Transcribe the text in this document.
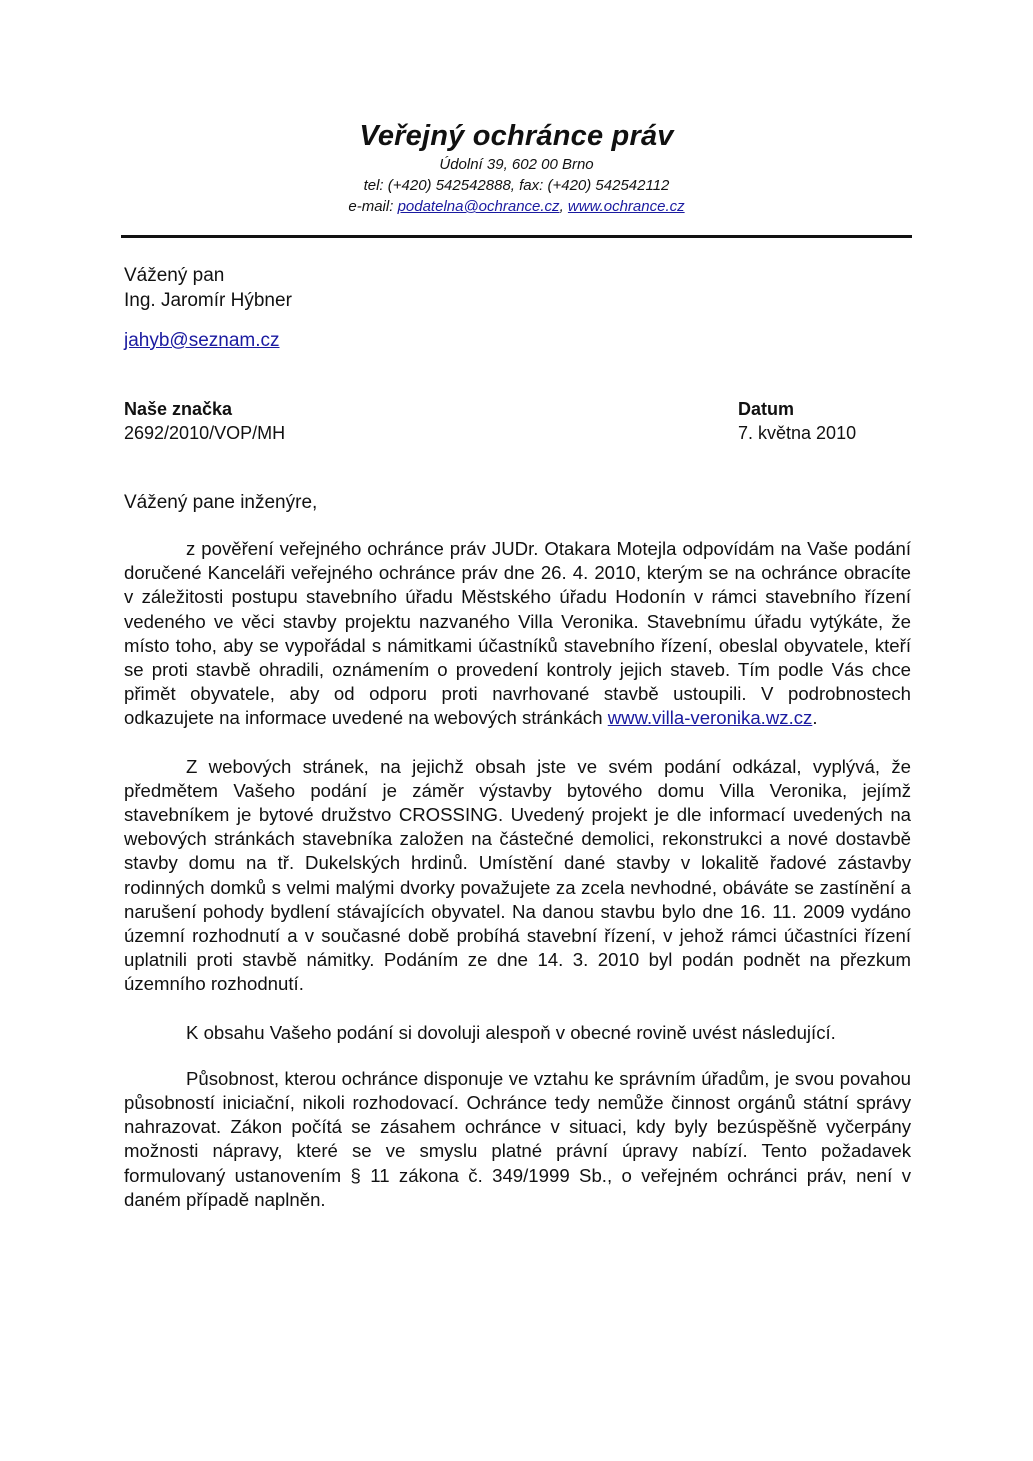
Veřejný ochránce práv
Údolní 39, 602 00 Brno
tel: (+420) 542542888, fax: (+420) 542542112
e-mail: podatelna@ochrance.cz, www.ochrance.cz
Vážený pan
Ing. Jaromír Hýbner
jahyb@seznam.cz
Naše značka
2692/2010/VOP/MH
Datum
7. května 2010
Vážený pane inženýre,

z pověření veřejného ochránce práv JUDr. Otakara Motejla odpovídám na Vaše podání doručené Kanceláři veřejného ochránce práv dne 26. 4. 2010, kterým se na ochránce obracíte v záležitosti postupu stavebního úřadu Městského úřadu Hodonín v rámci stavebního řízení vedeného ve věci stavby projektu nazvaného Villa Veronika. Stavebnímu úřadu vytýkáte, že místo toho, aby se vypořádal s námitkami účastníků stavebního řízení, obeslal obyvatele, kteří se proti stavbě ohradili, oznámením o provedení kontroly jejich staveb. Tím podle Vás chce přimět obyvatele, aby od odporu proti navrhované stavbě ustoupili. V podrobnostech odkazujete na informace uvedené na webových stránkách www.villa-veronika.wz.cz.

Z webových stránek, na jejichž obsah jste ve svém podání odkázal, vyplývá, že předmětem Vašeho podání je záměr výstavby bytového domu Villa Veronika, jejímž stavebníkem je bytové družstvo CROSSING. Uvedený projekt je dle informací uvedených na webových stránkách stavebníka založen na částečné demolici, rekonstrukci a nové dostavbě stavby domu na tř. Dukelských hrdinů. Umístění dané stavby v lokalitě řadové zástavby rodinných domků s velmi malými dvorky považujete za zcela nevhodné, obáváte se zastínění a narušení pohody bydlení stávajících obyvatel. Na danou stavbu bylo dne 16. 11. 2009 vydáno územní rozhodnutí a v současné době probíhá stavební řízení, v jehož rámci účastníci řízení uplatnili proti stavbě námitky. Podáním ze dne 14. 3. 2010 byl podán podnět na přezkum územního rozhodnutí.

K obsahu Vašeho podání si dovoluji alespoň v obecné rovině uvést následující.

Působnost, kterou ochránce disponuje ve vztahu ke správním úřadům, je svou povahou působností iniciační, nikoli rozhodovací. Ochránce tedy nemůže činnost orgánů státní správy nahrazovat. Zákon počítá se zásahem ochránce v situaci, kdy byly bezúspěšně vyčerpány možnosti nápravy, které se ve smyslu platné právní úpravy nabízí. Tento požadavek formulovaný ustanovením § 11 zákona č. 349/1999 Sb., o veřejném ochránci práv, není v daném případě naplněn.
